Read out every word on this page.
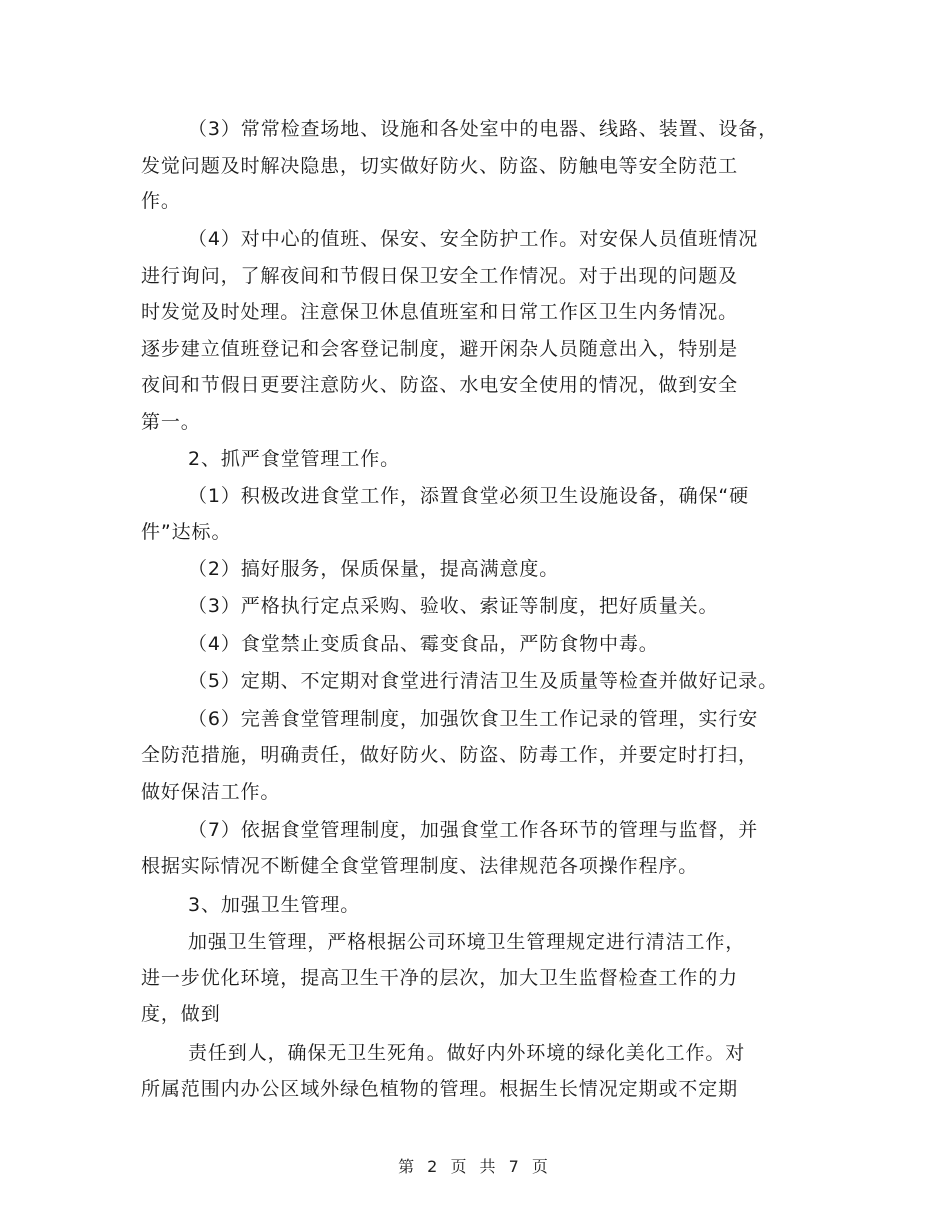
（3）常常检查场地、设施和各处室中的电器、线路、装置、设备，
发觉问题及时解决隐患，切实做好防火、防盗、防触电等安全防范工
作。
（4）对中心的值班、保安、安全防护工作。对安保人员值班情况
进行询问，了解夜间和节假日保卫安全工作情况。对于出现的问题及
时发觉及时处理。注意保卫休息值班室和日常工作区卫生内务情况。
逐步建立值班登记和会客登记制度，避开闲杂人员随意出入，特别是
夜间和节假日更要注意防火、防盗、水电安全使用的情况，做到安全
第一。
2、抓严食堂管理工作。
（1）积极改进食堂工作，添置食堂必须卫生设施设备，确保“硬
件”达标。
（2）搞好服务，保质保量，提高满意度。
（3）严格执行定点采购、验收、索证等制度，把好质量关。
（4）食堂禁止变质食品、霉变食品，严防食物中毒。
（5）定期、不定期对食堂进行清洁卫生及质量等检查并做好记录。
（6）完善食堂管理制度，加强饮食卫生工作记录的管理，实行安
全防范措施，明确责任，做好防火、防盗、防毒工作，并要定时打扫，
做好保洁工作。
（7）依据食堂管理制度，加强食堂工作各环节的管理与监督，并
根据实际情况不断健全食堂管理制度、法律规范各项操作程序。
3、加强卫生管理。
加强卫生管理，严格根据公司环境卫生管理规定进行清洁工作，
进一步优化环境，提高卫生干净的层次，加大卫生监督检查工作的力
度，做到
责任到人，确保无卫生死角。做好内外环境的绿化美化工作。对
所属范围内办公区域外绿色植物的管理。根据生长情况定期或不定期
第 2 页 共 7 页
